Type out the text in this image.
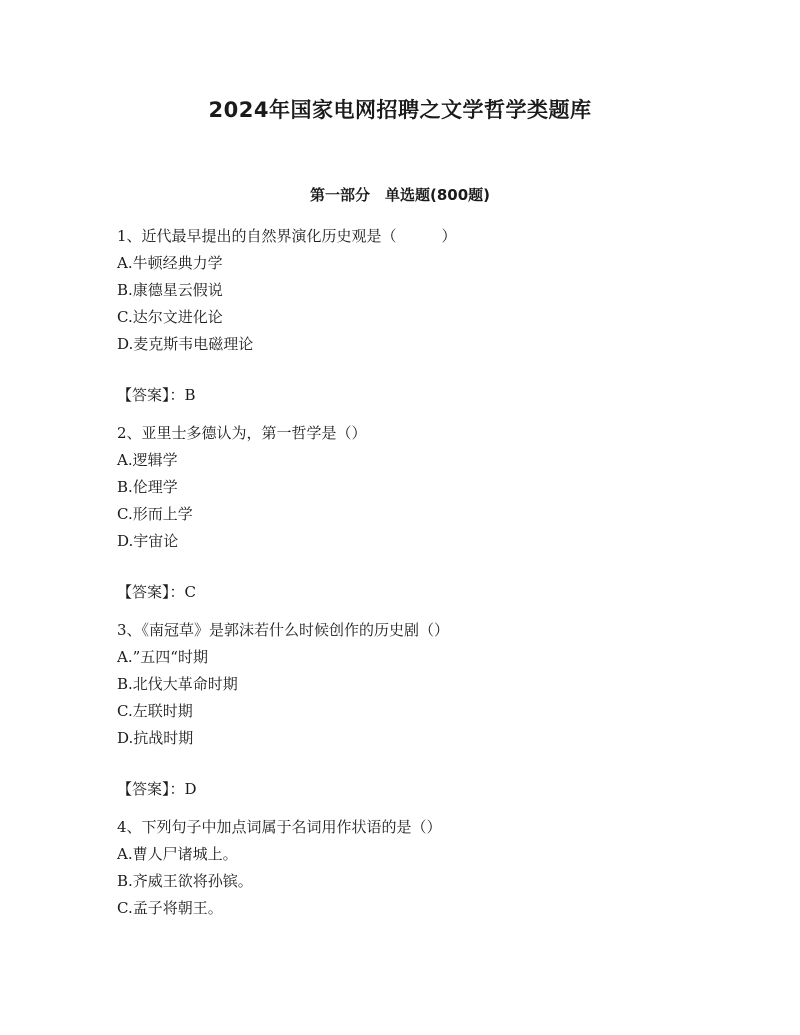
2024年国家电网招聘之文学哲学类题库
第一部分　单选题(800题)
1、近代最早提出的自然界演化历史观是（　　　）
A.牛顿经典力学
B.康德星云假说
C.达尔文进化论
D.麦克斯韦电磁理论
【答案】：B
2、亚里士多德认为，第一哲学是（）
A.逻辑学
B.伦理学
C.形而上学
D.宇宙论
【答案】：C
3、《南冠草》是郭沫若什么时候创作的历史剧（）
A.”五四“时期
B.北伐大革命时期
C.左联时期
D.抗战时期
【答案】：D
4、下列句子中加点词属于名词用作状语的是（）
A.曹人尸诸城上。
B.齐威王欲将孙镔。
C.孟子将朝王。
